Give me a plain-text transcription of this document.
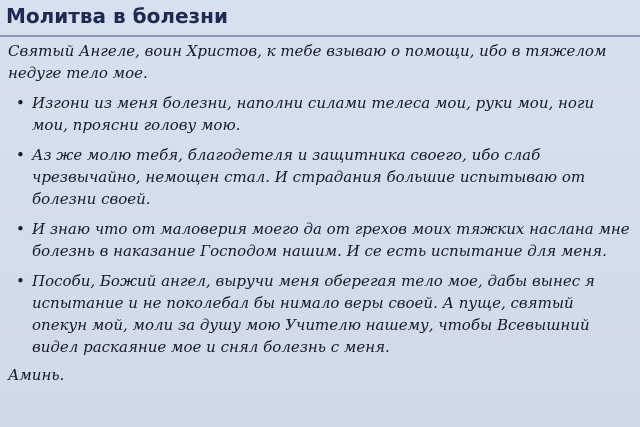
Молитва в болезни

Святый Ангеле, воин Христов, к тебе взываю о помощи, ибо в тяжелом недуге тело мое.

• Изгони из меня болезни, наполни силами телеса мои, руки мои, ноги мои, проясни голову мою.
• Аз же молю тебя, благодетеля и защитника своего, ибо слаб чрезвычайно, немощен стал. И страдания большие испытываю от болезни своей.
• И знаю что от маловерия моего да от грехов моих тяжких наслана мне болезнь в наказание Господом нашим. И се есть испытание для меня.
• Пособи, Божий ангел, выручи меня оберегая тело мое, дабы вынес я испытание и не поколебал бы нимало веры своей. А пуще, святый опекун мой, моли за душу мою Учителю нашему, чтобы Всевышний видел раскаяние мое и снял болезнь с меня.

Аминь.
